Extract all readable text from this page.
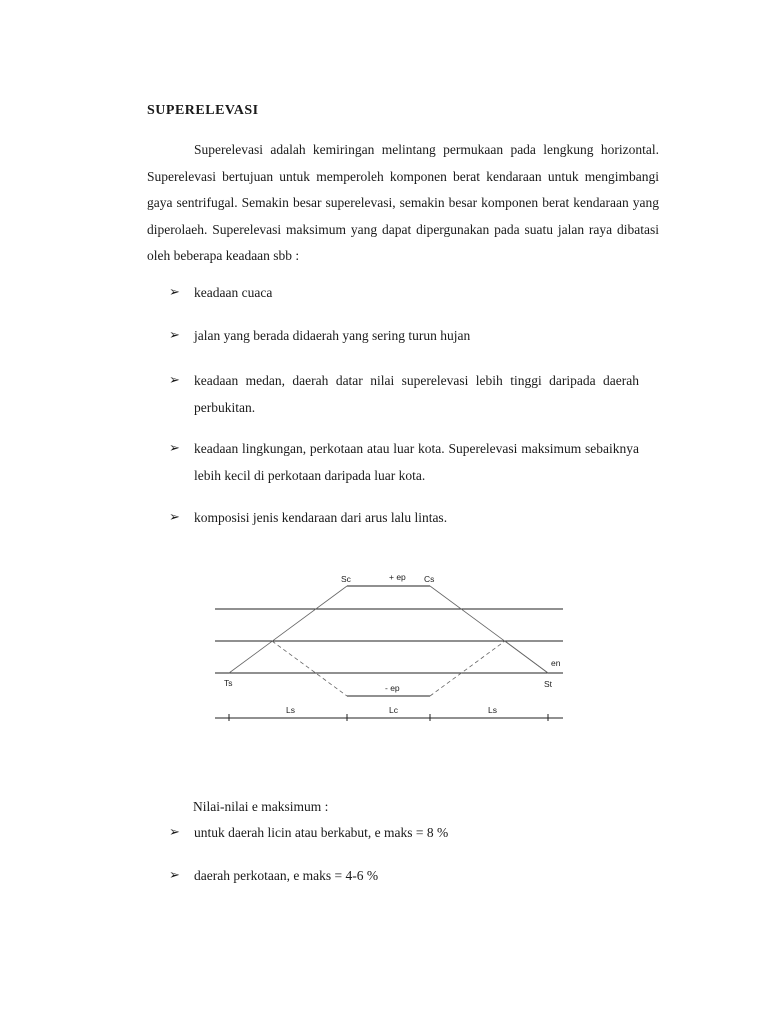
SUPERELEVASI

Superelevasi adalah kemiringan melintang permukaan pada lengkung horizontal. Superelevasi bertujuan untuk memperoleh komponen berat kendaraan untuk mengimbangi gaya sentrifugal. Semakin besar superelevasi, semakin besar komponen berat kendaraan yang diperolaeh. Superelevasi maksimum yang dapat dipergunakan pada suatu jalan raya dibatasi oleh beberapa keadaan sbb :

➢ keadaan cuaca
➢ jalan yang berada didaerah yang sering turun hujan
➢ keadaan medan, daerah datar nilai superelevasi lebih tinggi daripada daerah perbukitan.
➢ keadaan lingkungan, perkotaan atau luar kota. Superelevasi maksimum sebaiknya lebih kecil di perkotaan daripada luar kota.
➢ komposisi jenis kendaraan dari arus lalu lintas.
Sc	+ ep Cs
en
Ts	St
- ep
Ls	Lc	Ls
Nilai-nilai e maksimum :
➢ untuk daerah licin atau berkabut, e maks = 8 %
➢ daerah perkotaan, e maks = 4-6 %
